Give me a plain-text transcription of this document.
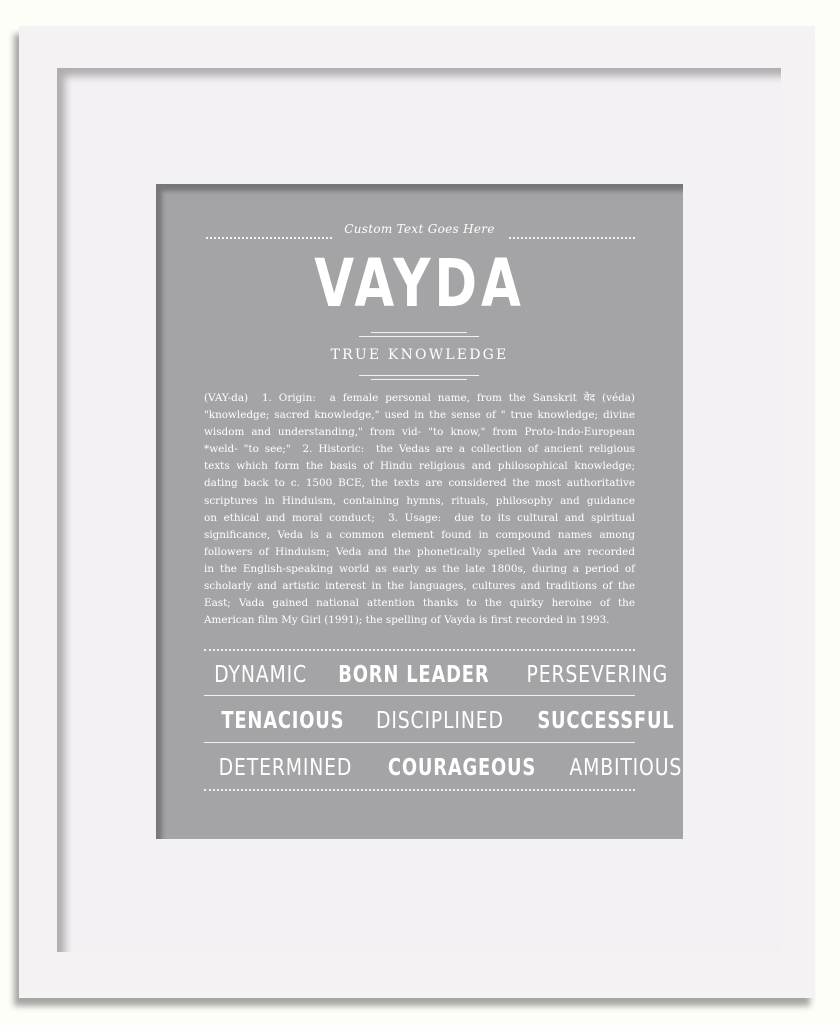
Custom Text Goes Here
VAYDA
TRUE KNOWLEDGE
(VAY-da)  1. Origin:  a female personal name, from the Sanskrit वेद (véda)
"knowledge; sacred knowledge," used in the sense of " true knowledge; divine
wisdom and understanding," from vid- "to know," from Proto-Indo-European
*weld- "to see;"  2. Historic:  the Vedas are a collection of ancient religious
texts which form the basis of Hindu religious and philosophical knowledge;
dating back to c. 1500 BCE, the texts are considered the most authoritative
scriptures in Hinduism, containing hymns, rituals, philosophy and guidance
on ethical and moral conduct;  3. Usage:  due to its cultural and spiritual
significance, Veda is a common element found in compound names among
followers of Hinduism; Veda and the phonetically spelled Vada are recorded
in the English-speaking world as early as the late 1800s, during a period of
scholarly and artistic interest in the languages, cultures and traditions of the
East; Vada gained national attention thanks to the quirky heroine of the
American film My Girl (1991); the spelling of Vayda is first recorded in 1993.
DYNAMIC BORN LEADER PERSEVERING
TENACIOUS DISCIPLINED SUCCESSFUL
DETERMINED COURAGEOUS AMBITIOUS
